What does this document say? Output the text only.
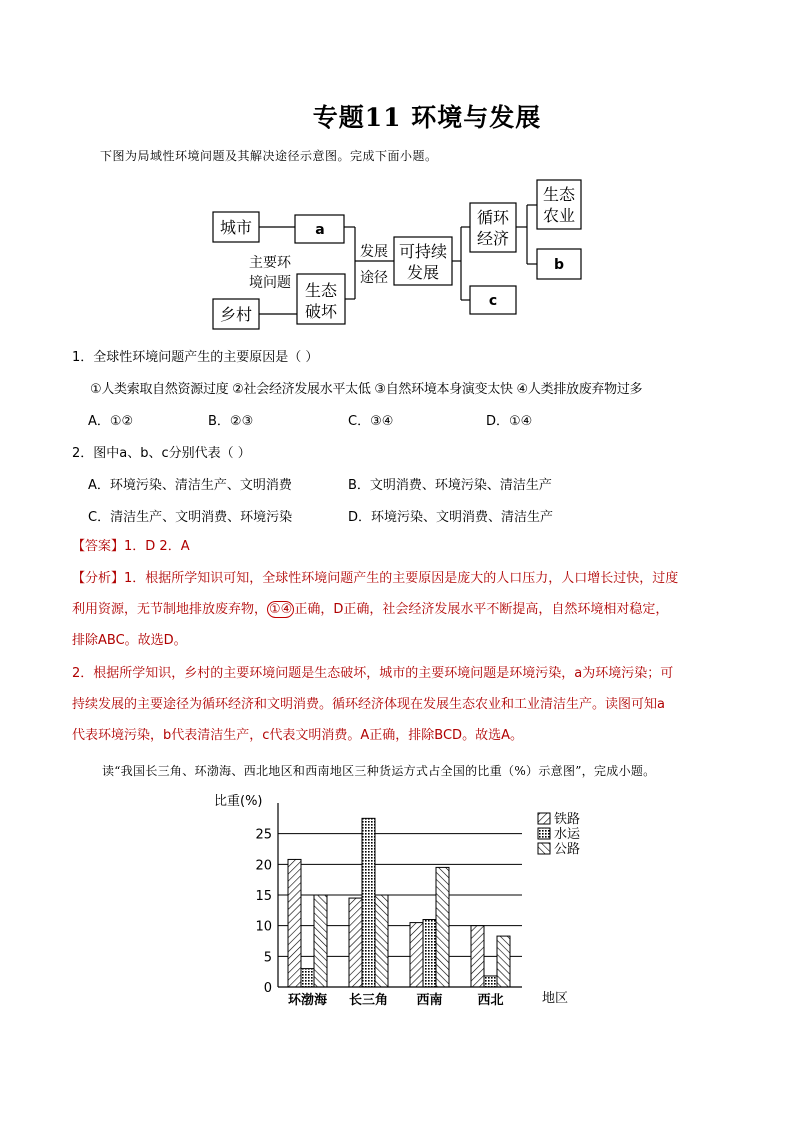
专题11 环境与发展
下图为局域性环境问题及其解决途径示意图。完成下面小题。
城市	a
乡村
生态
破坏
可持续
发展
循环
经济
生态
农业
b
c
主要环
境问题
发展
途径
1．全球性环境问题产生的主要原因是（ ）
①人类索取自然资源过度 ②社会经济发展水平太低 ③自然环境本身演变太快 ④人类排放废弃物过多
A．①②	B．②③	C．③④	D．①④
2．图中a、b、c分别代表（ ）
A．环境污染、清洁生产、文明消费	B．文明消费、环境污染、清洁生产
C．清洁生产、文明消费、环境污染	D．环境污染、文明消费、清洁生产
【答案】1．D 2．A
【分析】1．根据所学知识可知，全球性环境问题产生的主要原因是庞大的人口压力，人口增长过快，过度
利用资源，无节制地排放废弃物， ①④ 正确，D正确，社会经济发展水平不断提高，自然环境相对稳定，
排除ABC。故选D。
2．根据所学知识，乡村的主要环境问题是生态破坏，城市的主要环境问题是环境污染，a为环境污染；可
持续发展的主要途径为循环经济和文明消费。循环经济体现在发展生态农业和工业清洁生产。读图可知a
代表环境污染，b代表清洁生产，c代表文明消费。A正确，排除BCD。故选A。
读“我国长三角、环渤海、西北地区和西南地区三种货运方式占全国的比重（%）示意图”，完成小题。
0
5
10
15
20
25
环渤海 长三角 西南	西北
比重(%)
地区
铁路
水运
公路
